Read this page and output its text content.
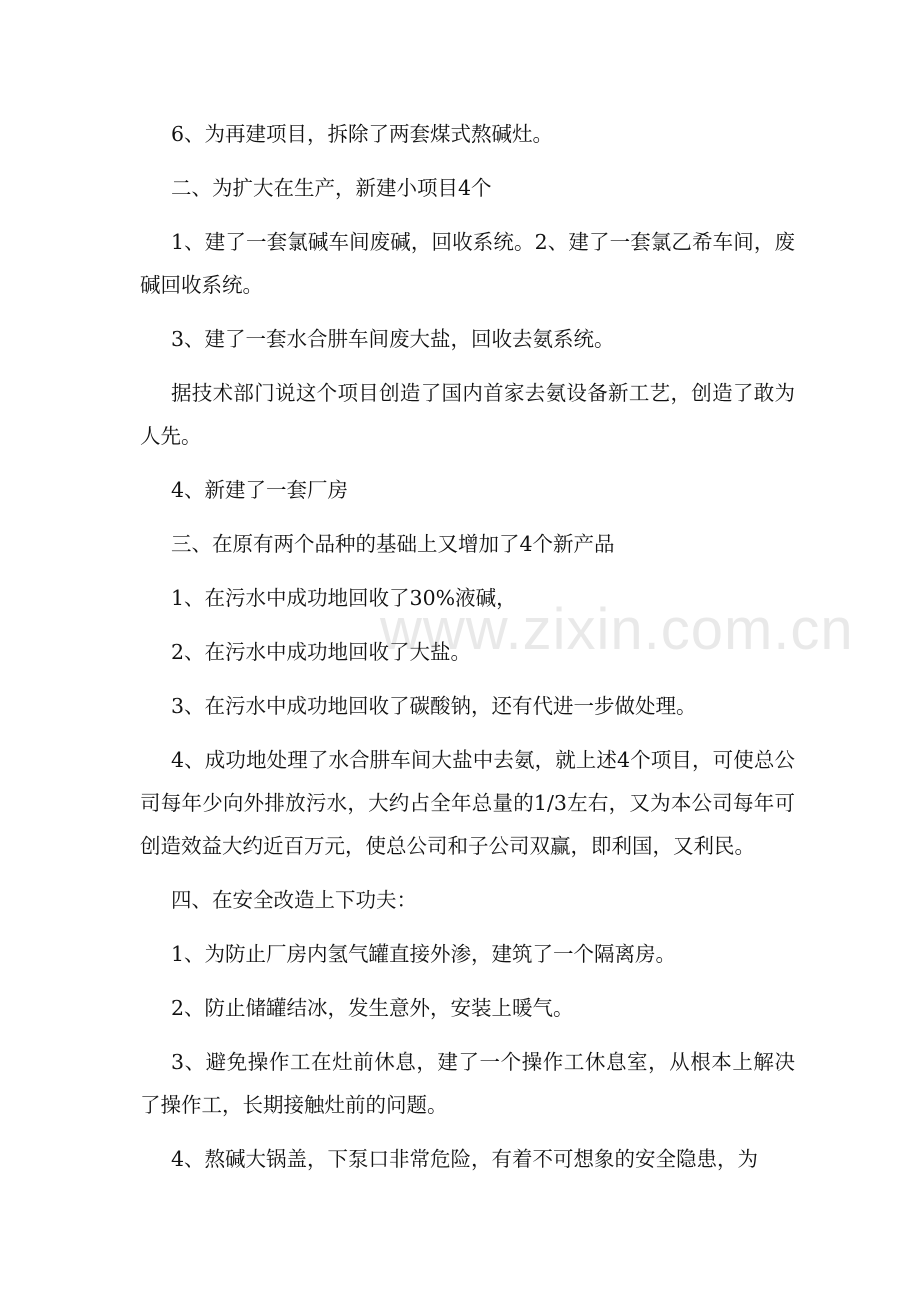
6、为再建项目，拆除了两套煤式熬碱灶。

二、为扩大在生产，新建小项目4个

1、建了一套氯碱车间废碱，回收系统。2、建了一套氯乙希车间，废碱回收系统。

3、建了一套水合肼车间废大盐，回收去氨系统。

据技术部门说这个项目创造了国内首家去氨设备新工艺，创造了敢为人先。

4、新建了一套厂房

三、在原有两个品种的基础上又增加了4个新产品

1、在污水中成功地回收了30%液碱，

2、在污水中成功地回收了大盐。

3、在污水中成功地回收了碳酸钠，还有代进一步做处理。

4、成功地处理了水合肼车间大盐中去氨，就上述4个项目，可使总公司每年少向外排放污水，大约占全年总量的1/3左右，又为本公司每年可创造效益大约近百万元，使总公司和子公司双赢，即利国，又利民。

四、在安全改造上下功夫：

1、为防止厂房内氢气罐直接外渗，建筑了一个隔离房。

2、防止储罐结冰，发生意外，安装上暖气。

3、避免操作工在灶前休息，建了一个操作工休息室，从根本上解决了操作工，长期接触灶前的问题。

4、熬碱大锅盖，下泵口非常危险，有着不可想象的安全隐患，为

www.zixin.com.cn
